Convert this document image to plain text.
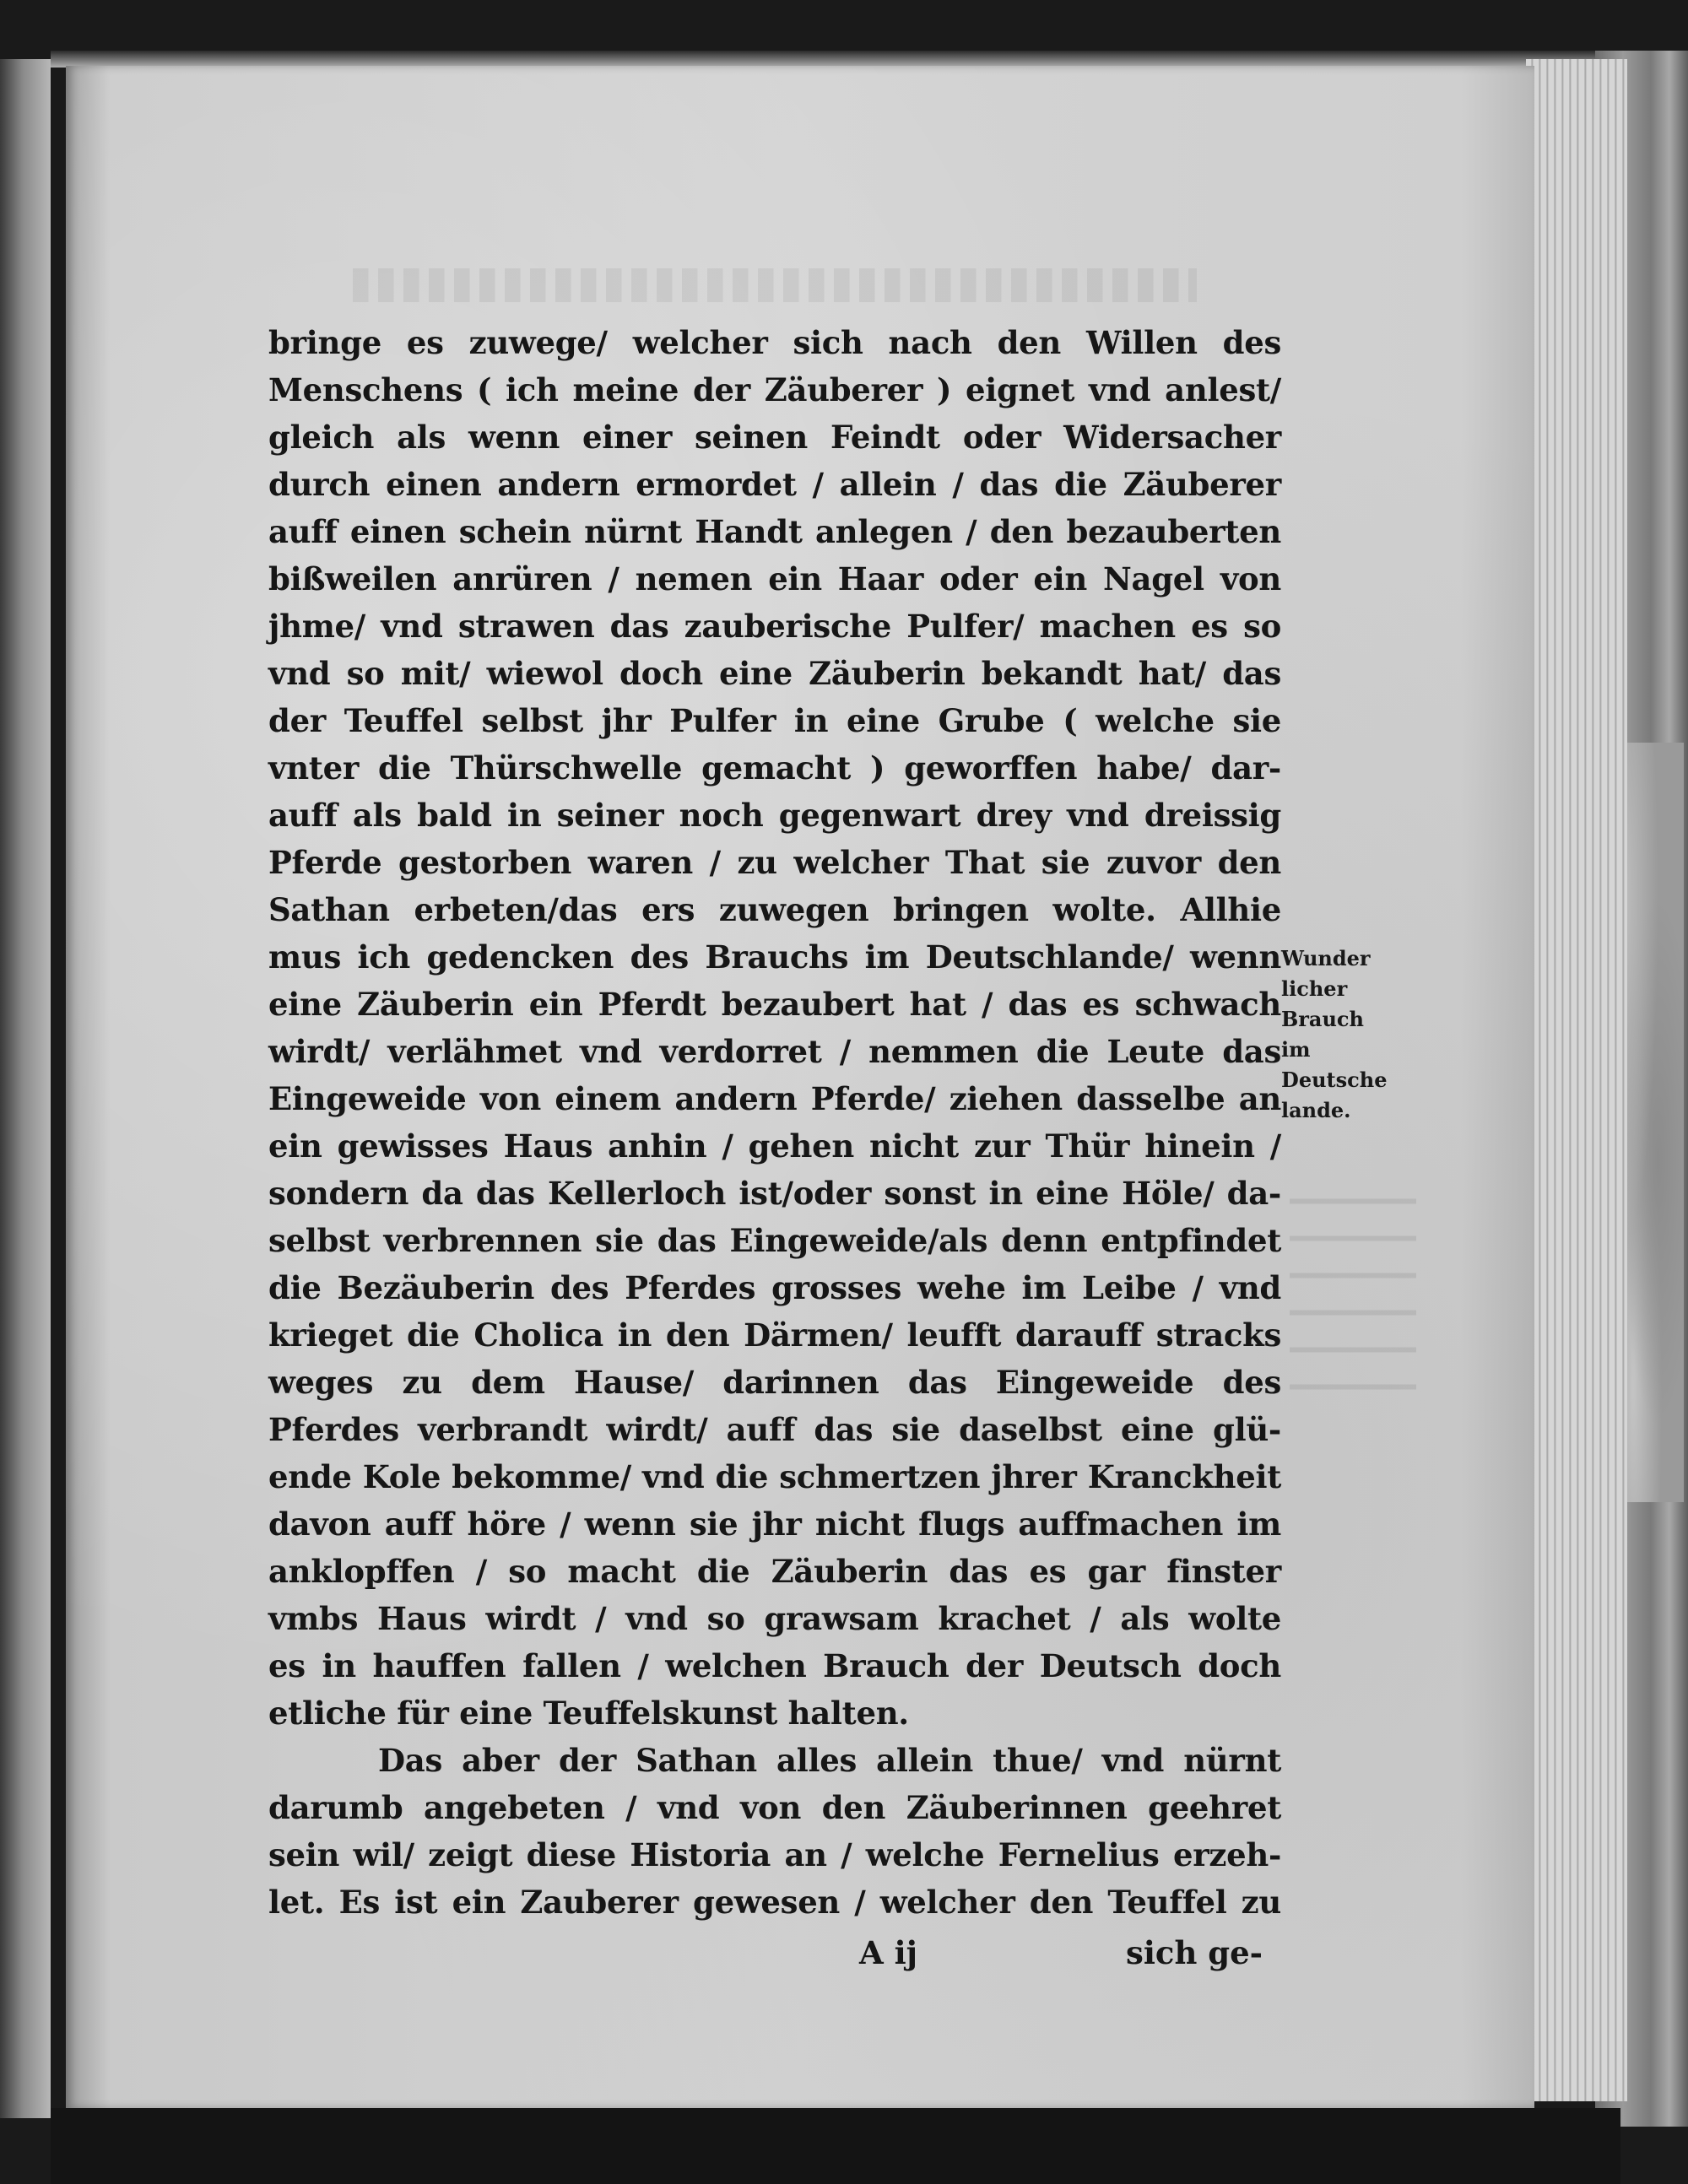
bringe es zuwege/ welcher sich nach den Willen des
Menschens ( ich meine der Zäuberer ) eignet vnd anlest/
gleich als wenn einer seinen Feindt oder Widersacher
durch einen andern ermordet / allein / das die Zäuberer
auff einen schein nürnt Handt anlegen / den bezauberten
bißweilen anrüren / nemen ein Haar oder ein Nagel von
jhme/ vnd strawen das zauberische Pulfer/ machen es so
vnd so mit/ wiewol doch eine Zäuberin bekandt hat/ das
der Teuffel selbst jhr Pulfer in eine Grube ( welche sie
vnter die Thürschwelle gemacht ) geworffen habe/ dar-
auff als bald in seiner noch gegenwart drey vnd dreissig
Pferde gestorben waren / zu welcher That sie zuvor den
Sathan erbeten/das ers zuwegen bringen wolte. Allhie
mus ich gedencken des Brauchs im Deutschlande/ wenn
eine Zäuberin ein Pferdt bezaubert hat / das es schwach
wirdt/ verlähmet vnd verdorret / nemmen die Leute das
Eingeweide von einem andern Pferde/ ziehen dasselbe an
ein gewisses Haus anhin / gehen nicht zur Thür hinein /
sondern da das Kellerloch ist/oder sonst in eine Höle/ da-
selbst verbrennen sie das Eingeweide/als denn entpfindet
die Bezäuberin des Pferdes grosses wehe im Leibe / vnd
krieget die Cholica in den Därmen/ leufft darauff stracks
weges zu dem Hause/ darinnen das Eingeweide des
Pferdes verbrandt wirdt/ auff das sie daselbst eine glü-
ende Kole bekomme/ vnd die schmertzen jhrer Kranckheit
davon auff höre / wenn sie jhr nicht flugs auffmachen im
anklopffen / so macht die Zäuberin das es gar finster
vmbs Haus wirdt / vnd so grawsam krachet / als wolte
es in hauffen fallen / welchen Brauch der Deutsch doch
etliche für eine Teuffelskunst halten.
Das aber der Sathan alles allein thue/ vnd nürnt
darumb angebeten / vnd von den Zäuberinnen geehret
sein wil/ zeigt diese Historia an / welche Fernelius erzeh-
let. Es ist ein Zauberer gewesen / welcher den Teuffel zu
A ij	sich ge-
Wunder
licher
Brauch
im
Deutsche
lande.
